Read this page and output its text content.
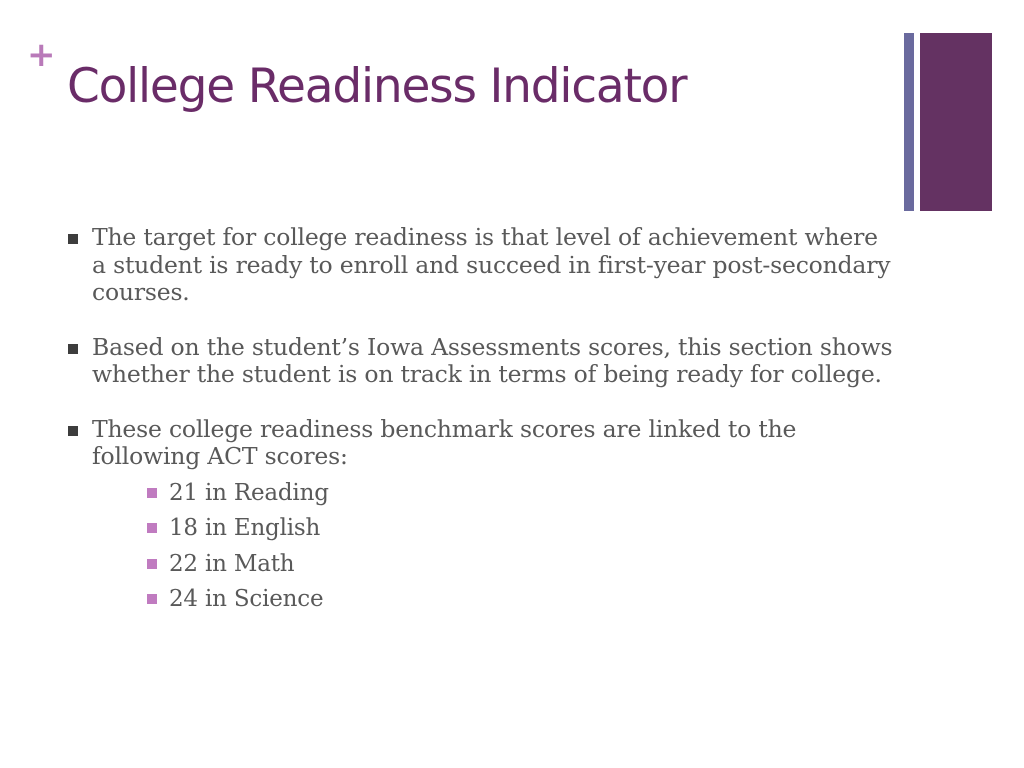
+
College Readiness Indicator
The target for college readiness is that level of achievement where a student is ready to enroll and succeed in first-year post-secondary courses.
Based on the student’s Iowa Assessments scores, this section shows whether the student is on track in terms of being ready for college.
These college readiness benchmark scores are linked to the following ACT scores:
21 in Reading
18 in English
22 in Math
24 in Science
